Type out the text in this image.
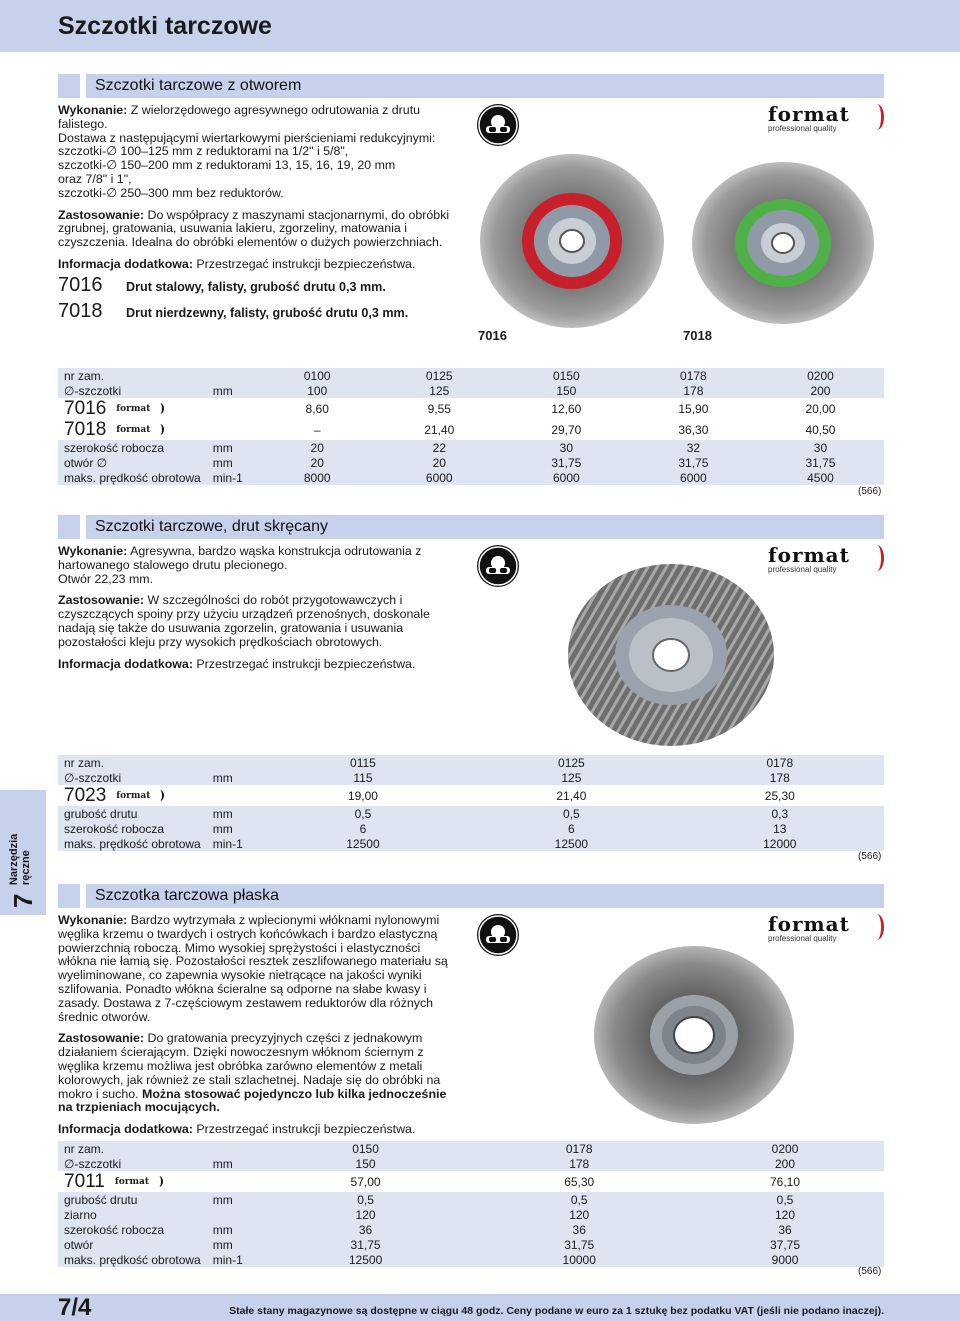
Szczotki tarczowe
Szczotki tarczowe z otworem
Wykonanie: Z wielorzędowego agresywnego odrutowania z drutu falistego.
Dostawa z następującymi wiertarkowymi pierścieniami redukcyjnymi:
szczotki-∅ 100–125 mm z reduktorami na 1/2" i 5/8",
szczotki-∅ 150–200 mm z reduktorami 13, 15, 16, 19, 20 mm
oraz 7/8" i 1",
szczotki-∅ 250–300 mm bez reduktorów.
Zastosowanie: Do współpracy z maszynami stacjonarnymi, do obróbki zgrubnej, gratowania, usuwania lakieru, zgorzeliny, matowania i czyszczenia. Idealna do obróbki elementów o dużych powierzchniach.
Informacja dodatkowa: Przestrzegać instrukcji bezpieczeństwa.
7016 Drut stalowy, falisty, grubość drutu 0,3 mm.
7018 Drut nierdzewny, falisty, grubość drutu 0,3 mm.
format
professional quality
7016	7018
nr zam.		0100	0125	0150	0178	0200
∅-szczotki	mm	100	125	150	178	200
7016 format		8,60	9,55	12,60	15,90	20,00
7018 format		–	21,40	29,70	36,30	40,50
szerokość robocza	mm	20	22	30	32	30
otwór ∅	mm	20	20	31,75	31,75	31,75
maks. prędkość obrotowa	min-1	8000	6000	6000	6000	4500
(566)
Szczotki tarczowe, drut skręcany
Wykonanie: Agresywna, bardzo wąska konstrukcja odrutowania z hartowanego stalowego drutu plecionego.
Otwór 22,23 mm.
Zastosowanie: W szczególności do robót przygotowawczych i czyszczących spoiny przy użyciu urządzeń przenośnych, doskonale nadają się także do usuwania zgorzelin, gratowania i usuwania pozostałości kleju przy wysokich prędkościach obrotowych.
Informacja dodatkowa: Przestrzegać instrukcji bezpieczeństwa.
format
professional quality
nr zam.		0115	0125	0178
∅-szczotki	mm	115	125	178
7023 format		19,00	21,40	25,30
grubość drutu	mm	0,5	0,5	0,3
szerokość robocza	mm	6	6	13
maks. prędkość obrotowa	min-1	12500	12500	12000
(566)
7 Narzędzia
ręczne
Szczotka tarczowa płaska
Wykonanie: Bardzo wytrzymała z wplecionymi włóknami nylonowymi węglika krzemu o twardych i ostrych końcówkach i bardzo elastyczną powierzchnią roboczą. Mimo wysokiej sprężystości i elastyczności włókna nie łamią się. Pozostałości resztek zeszlifowanego materiału są wyeliminowane, co zapewnia wysokie nietrącące na jakości wyniki szlifowania. Ponadto włókna ścieralne są odporne na słabe kwasy i zasady. Dostawa z 7-częściowym zestawem reduktorów dla różnych średnic otworów.
Zastosowanie: Do gratowania precyzyjnych części z jednakowym działaniem ścierającym. Dzięki nowoczesnym włóknom ściernym z węglika krzemu możliwa jest obróbka zarówno elementów z metali kolorowych, jak również ze stali szlachetnej. Nadaje się do obróbki na mokro i sucho. Można stosować pojedynczo lub kilka jednocześnie na trzpieniach mocujących.
Informacja dodatkowa: Przestrzegać instrukcji bezpieczeństwa.
format
professional quality
nr zam.		0150	0178	0200
∅-szczotki	mm	150	178	200
7011 format		57,00	65,30	76,10
grubość drutu	mm	0,5	0,5	0,5
ziarno		120	120	120
szerokość robocza	mm	36	36	36
otwór	mm	31,75	31,75	37,75
maks. prędkość obrotowa	min-1	12500	10000	9000
(566)
7/4	Stałe stany magazynowe są dostępne w ciągu 48 godz. Ceny podane w euro za 1 sztukę bez podatku VAT (jeśli nie podano inaczej).
